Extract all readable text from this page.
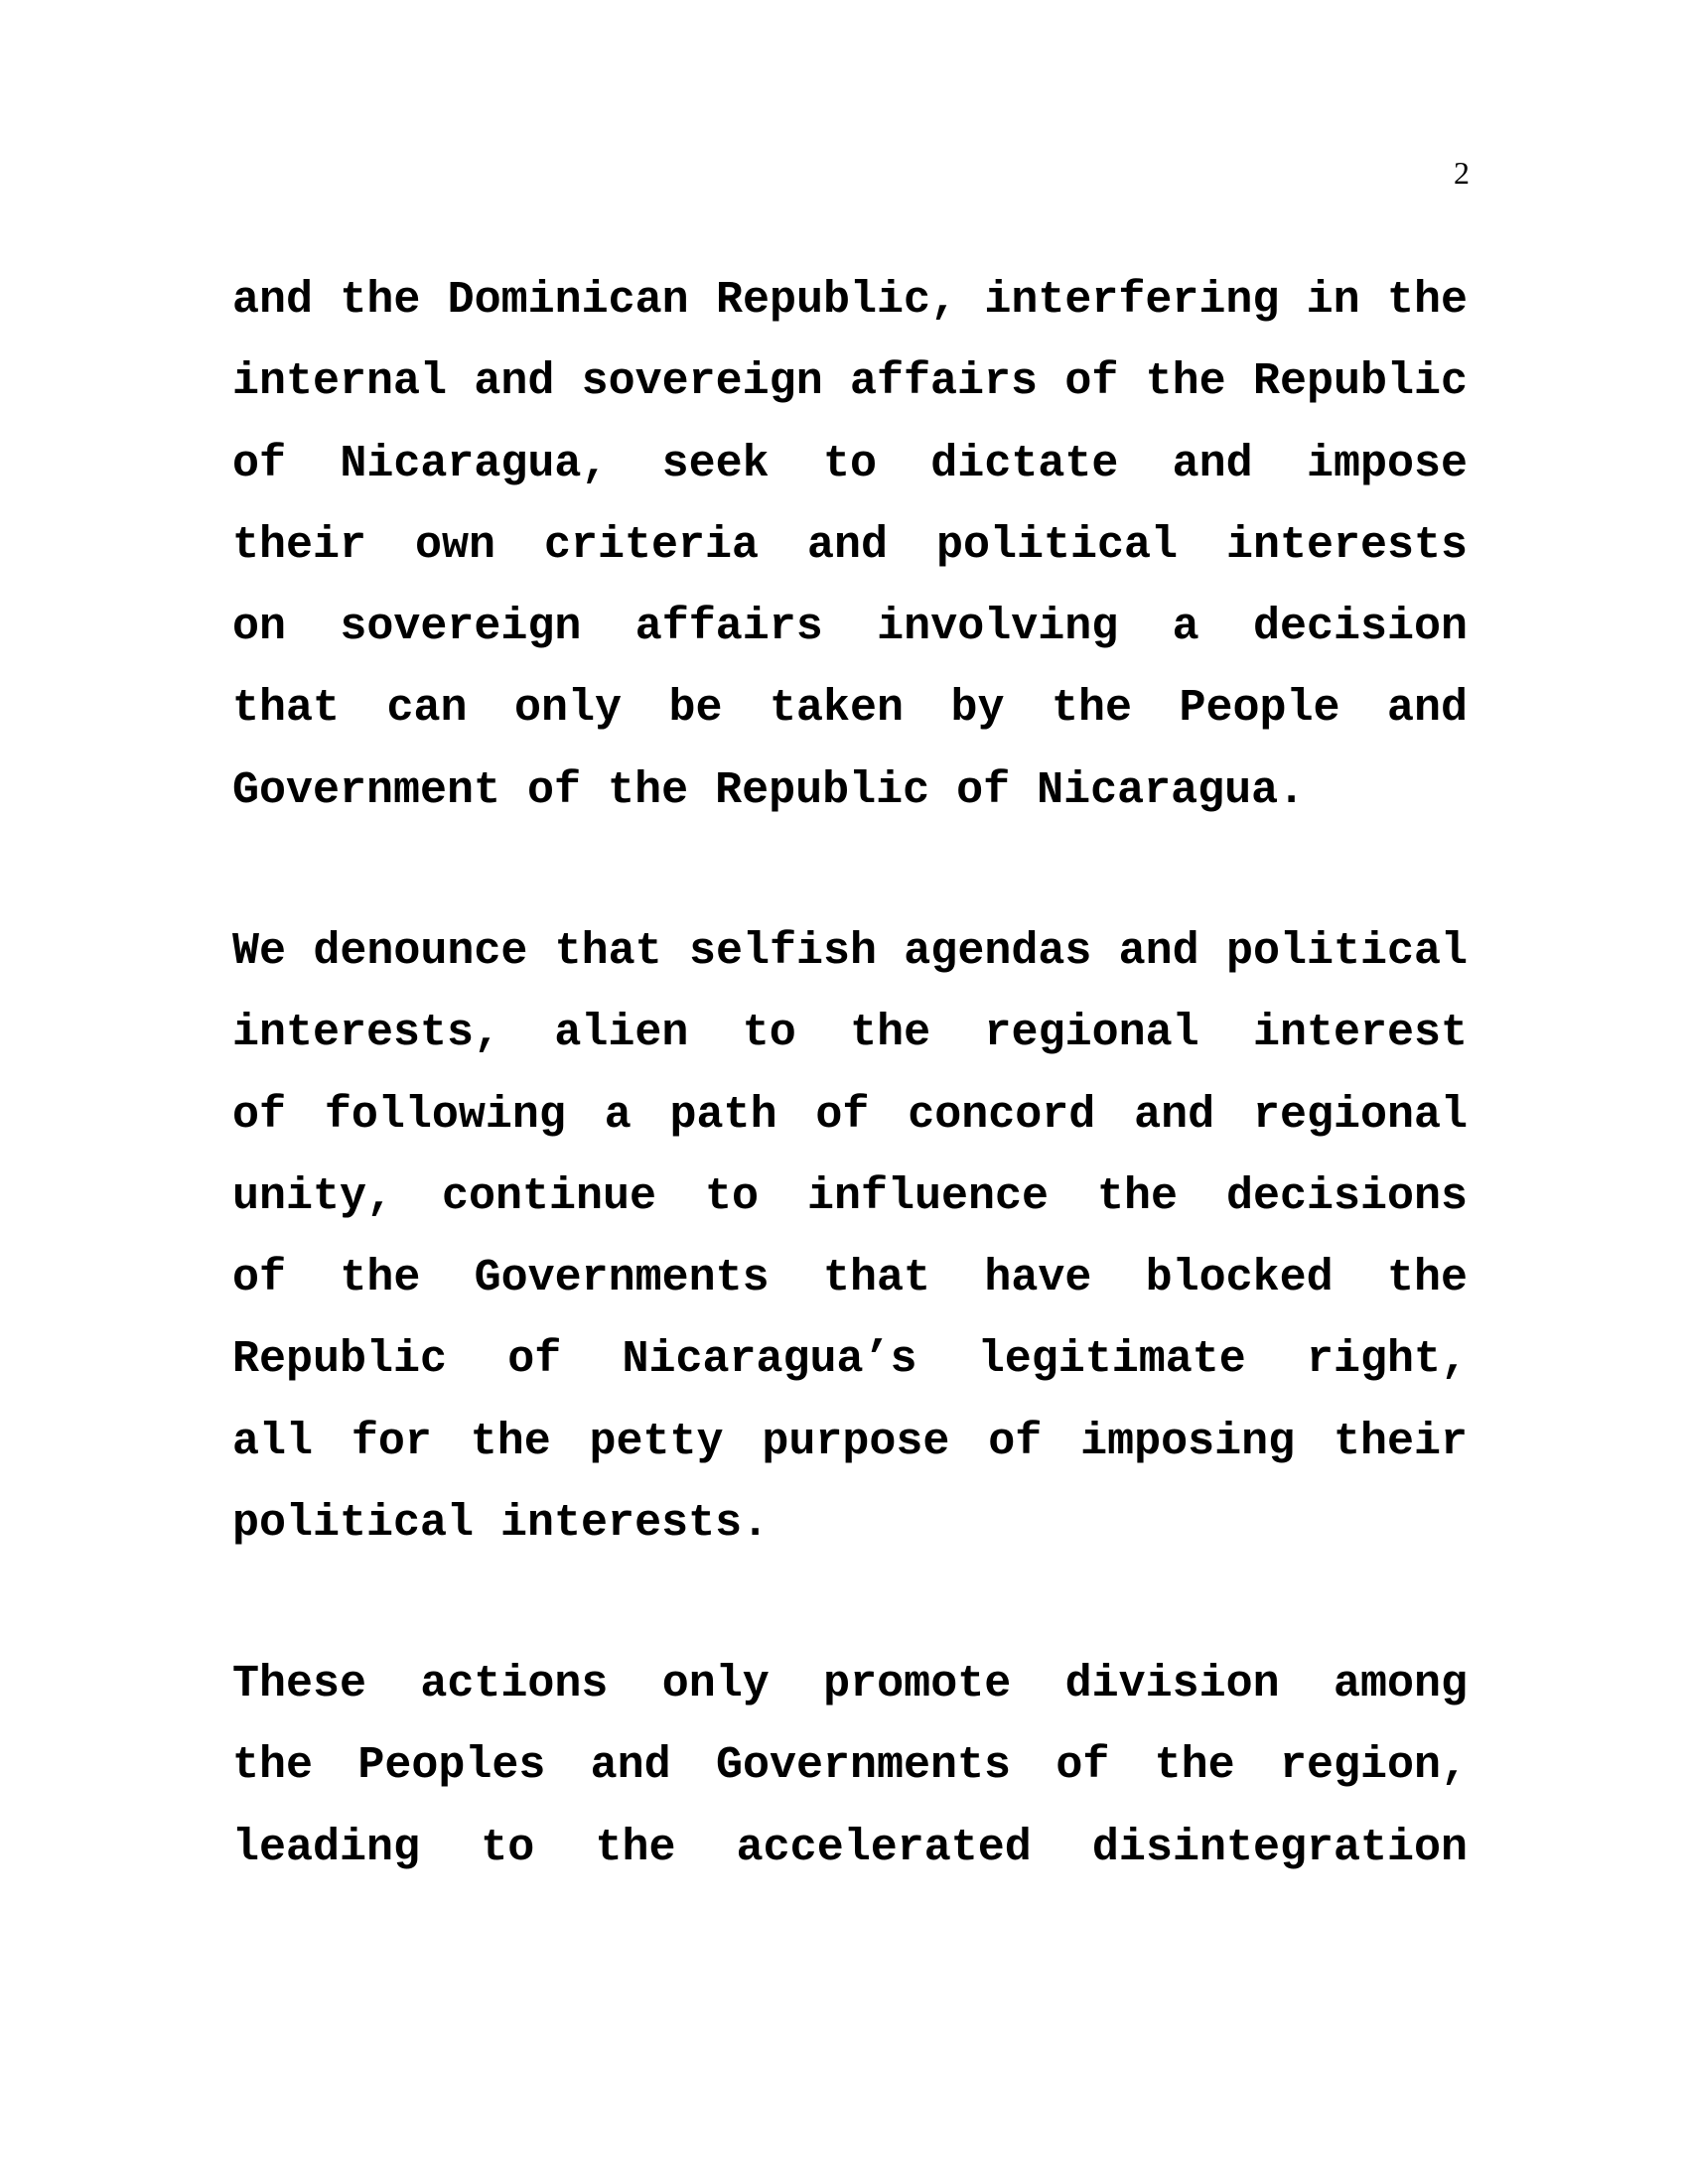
2
and the Dominican Republic, interfering in the
internal and sovereign affairs of the Republic
of Nicaragua, seek to dictate and impose
their own criteria and political interests
on sovereign affairs involving a decision
that can only be taken by the People and
Government of the Republic of Nicaragua.
We denounce that selfish agendas and political
interests, alien to the regional interest
of following a path of concord and regional
unity, continue to influence the decisions
of the Governments that have blocked the
Republic of Nicaragua’s legitimate right,
all for the petty purpose of imposing their
political interests.
These actions only promote division among
the Peoples and Governments of the region,
leading to the accelerated disintegration
